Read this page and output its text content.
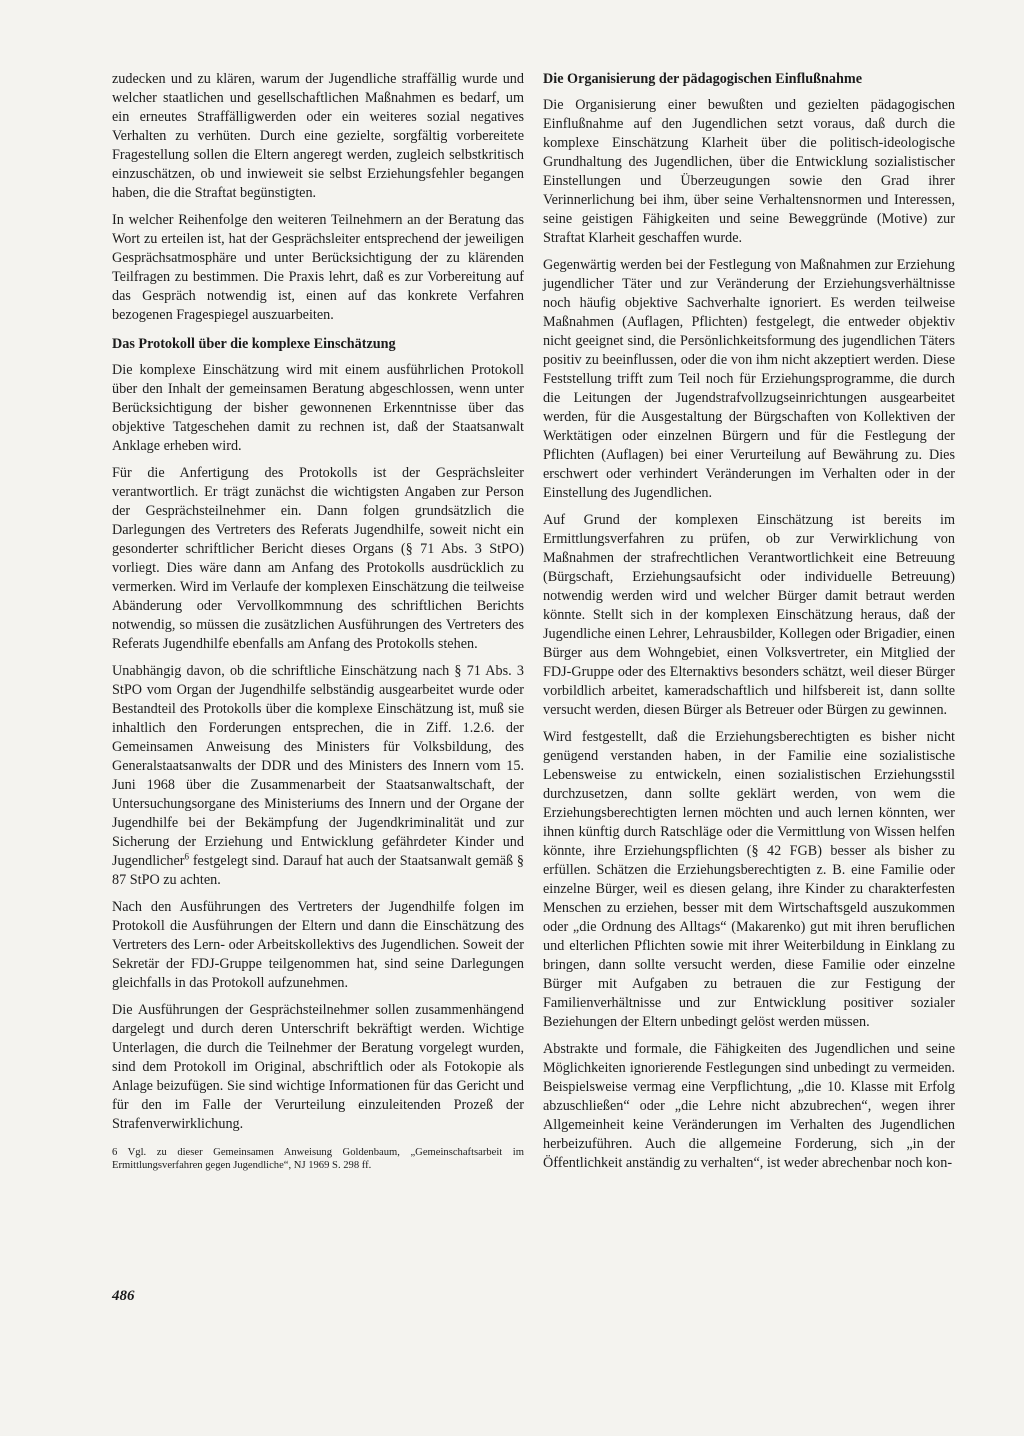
zudecken und zu klären, warum der Jugendliche straffällig wurde und welcher staatlichen und gesellschaftlichen Maßnahmen es bedarf, um ein erneutes Straffälligwerden oder ein weiteres sozial negatives Verhalten zu verhüten. Durch eine gezielte, sorgfältig vorbereitete Fragestellung sollen die Eltern angeregt werden, zugleich selbstkritisch einzuschätzen, ob und inwieweit sie selbst Erziehungsfehler begangen haben, die die Straftat begünstigten.

In welcher Reihenfolge den weiteren Teilnehmern an der Beratung das Wort zu erteilen ist, hat der Gesprächsleiter entsprechend der jeweiligen Gesprächsatmosphäre und unter Berücksichtigung der zu klärenden Teilfragen zu bestimmen. Die Praxis lehrt, daß es zur Vorbereitung auf das Gespräch notwendig ist, einen auf das konkrete Verfahren bezogenen Fragespiegel auszuarbeiten.

Das Protokoll über die komplexe Einschätzung

Die komplexe Einschätzung wird mit einem ausführlichen Protokoll über den Inhalt der gemeinsamen Beratung abgeschlossen, wenn unter Berücksichtigung der bisher gewonnenen Erkenntnisse über das objektive Tatgeschehen damit zu rechnen ist, daß der Staatsanwalt Anklage erheben wird.

Für die Anfertigung des Protokolls ist der Gesprächsleiter verantwortlich. Er trägt zunächst die wichtigsten Angaben zur Person der Gesprächsteilnehmer ein. Dann folgen grundsätzlich die Darlegungen des Vertreters des Referats Jugendhilfe, soweit nicht ein gesonderter schriftlicher Bericht dieses Organs (§ 71 Abs. 3 StPO) vorliegt. Dies wäre dann am Anfang des Protokolls ausdrücklich zu vermerken. Wird im Verlaufe der komplexen Einschätzung die teilweise Abänderung oder Vervollkommnung des schriftlichen Berichts notwendig, so müssen die zusätzlichen Ausführungen des Vertreters des Referats Jugendhilfe ebenfalls am Anfang des Protokolls stehen.

Unabhängig davon, ob die schriftliche Einschätzung nach § 71 Abs. 3 StPO vom Organ der Jugendhilfe selbständig ausgearbeitet wurde oder Bestandteil des Protokolls über die komplexe Einschätzung ist, muß sie inhaltlich den Forderungen entsprechen, die in Ziff. 1.2.6. der Gemeinsamen Anweisung des Ministers für Volksbildung, des Generalstaatsanwalts der DDR und des Ministers des Innern vom 15. Juni 1968 über die Zusammenarbeit der Staatsanwaltschaft, der Untersuchungsorgane des Ministeriums des Innern und der Organe der Jugendhilfe bei der Bekämpfung der Jugendkriminalität und zur Sicherung der Erziehung und Entwicklung gefährdeter Kinder und Jugendlicher$^6$ festgelegt sind. Darauf hat auch der Staatsanwalt gemäß § 87 StPO zu achten.

Nach den Ausführungen des Vertreters der Jugendhilfe folgen im Protokoll die Ausführungen der Eltern und dann die Einschätzung des Vertreters des Lern- oder Arbeitskollektivs des Jugendlichen. Soweit der Sekretär der FDJ-Gruppe teilgenommen hat, sind seine Darlegungen gleichfalls in das Protokoll aufzunehmen.

Die Ausführungen der Gesprächsteilnehmer sollen zusammenhängend dargelegt und durch deren Unterschrift bekräftigt werden. Wichtige Unterlagen, die durch die Teilnehmer der Beratung vorgelegt wurden, sind dem Protokoll im Original, abschriftlich oder als Fotokopie als Anlage beizufügen. Sie sind wichtige Informationen für das Gericht und für den im Falle der Verurteilung einzuleitenden Prozeß der Strafenverwirklichung.

6 Vgl. zu dieser Gemeinsamen Anweisung Goldenbaum, „Gemeinschaftsarbeit im Ermittlungsverfahren gegen Jugendliche“, NJ 1969 S. 298 ff.

Die Organisierung der pädagogischen Einflußnahme

Die Organisierung einer bewußten und gezielten pädagogischen Einflußnahme auf den Jugendlichen setzt voraus, daß durch die komplexe Einschätzung Klarheit über die politisch-ideologische Grundhaltung des Jugendlichen, über die Entwicklung sozialistischer Einstellungen und Überzeugungen sowie den Grad ihrer Verinnerlichung bei ihm, über seine Verhaltensnormen und Interessen, seine geistigen Fähigkeiten und seine Beweggründe (Motive) zur Straftat Klarheit geschaffen wurde.

Gegenwärtig werden bei der Festlegung von Maßnahmen zur Erziehung jugendlicher Täter und zur Veränderung der Erziehungsverhältnisse noch häufig objektive Sachverhalte ignoriert. Es werden teilweise Maßnahmen (Auflagen, Pflichten) festgelegt, die entweder objektiv nicht geeignet sind, die Persönlichkeitsformung des jugendlichen Täters positiv zu beeinflussen, oder die von ihm nicht akzeptiert werden. Diese Feststellung trifft zum Teil noch für Erziehungsprogramme, die durch die Leitungen der Jugendstrafvollzugseinrichtungen ausgearbeitet werden, für die Ausgestaltung der Bürgschaften von Kollektiven der Werktätigen oder einzelnen Bürgern und für die Festlegung der Pflichten (Auflagen) bei einer Verurteilung auf Bewährung zu. Dies erschwert oder verhindert Veränderungen im Verhalten oder in der Einstellung des Jugendlichen.

Auf Grund der komplexen Einschätzung ist bereits im Ermittlungsverfahren zu prüfen, ob zur Verwirklichung von Maßnahmen der strafrechtlichen Verantwortlichkeit eine Betreuung (Bürgschaft, Erziehungsaufsicht oder individuelle Betreuung) notwendig werden wird und welcher Bürger damit betraut werden könnte. Stellt sich in der komplexen Einschätzung heraus, daß der Jugendliche einen Lehrer, Lehrausbilder, Kollegen oder Brigadier, einen Bürger aus dem Wohngebiet, einen Volksvertreter, ein Mitglied der FDJ-Gruppe oder des Elternaktivs besonders schätzt, weil dieser Bürger vorbildlich arbeitet, kameradschaftlich und hilfsbereit ist, dann sollte versucht werden, diesen Bürger als Betreuer oder Bürgen zu gewinnen.

Wird festgestellt, daß die Erziehungsberechtigten es bisher nicht genügend verstanden haben, in der Familie eine sozialistische Lebensweise zu entwickeln, einen sozialistischen Erziehungsstil durchzusetzen, dann sollte geklärt werden, von wem die Erziehungsberechtigten lernen möchten und auch lernen könnten, wer ihnen künftig durch Ratschläge oder die Vermittlung von Wissen helfen könnte, ihre Erziehungspflichten (§ 42 FGB) besser als bisher zu erfüllen. Schätzen die Erziehungsberechtigten z. B. eine Familie oder einzelne Bürger, weil es diesen gelang, ihre Kinder zu charakterfesten Menschen zu erziehen, besser mit dem Wirtschaftsgeld auszukommen oder „die Ordnung des Alltags“ (Makarenko) gut mit ihren beruflichen und elterlichen Pflichten sowie mit ihrer Weiterbildung in Einklang zu bringen, dann sollte versucht werden, diese Familie oder einzelne Bürger mit Aufgaben zu betrauen die zur Festigung der Familienverhältnisse und zur Entwicklung positiver sozialer Beziehungen der Eltern unbedingt gelöst werden müssen.

Abstrakte und formale, die Fähigkeiten des Jugendlichen und seine Möglichkeiten ignorierende Festlegungen sind unbedingt zu vermeiden. Beispielsweise vermag eine Verpflichtung, „die 10. Klasse mit Erfolg abzuschließen“ oder „die Lehre nicht abzubrechen“, wegen ihrer Allgemeinheit keine Veränderungen im Verhalten des Jugendlichen herbeizuführen. Auch die allgemeine Forderung, sich „in der Öffentlichkeit anständig zu verhalten“, ist weder abrechenbar noch kon-

486
